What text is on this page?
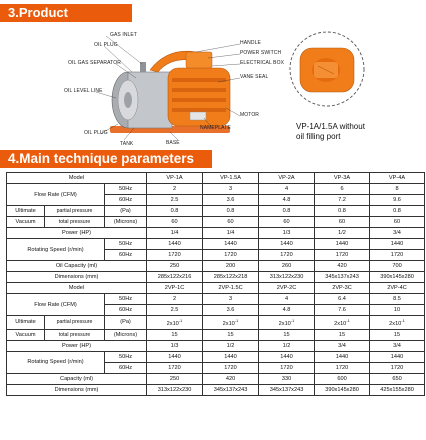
3.Product Illustration	GAS INLET
OIL PLUG
OIL GAS SEPARATOR
OIL LEVEL LINE
OIL PLUG
TANK
HANDLE
POWER SWITCH
ELECTRICAL BOX
VANE SEAL
MOTOR
NAMEPLATE
BASE
VP-1A/1.5A without
oil filling port
4.Main technique parameters
Model			VP-1A	VP-1.5A	VP-2A	VP-3A	VP-4A
Flow Rate (CFM)		50Hz	2	3	4	6	8
		60Hz	2.5	3.6	4.8	7.2	9.6
Ultimate	partial pressure	(Pa)	0.8	0.8	0.8	0.8	0.8
Vacuum	total pressure	(Microns)	60	60	60	60	60
Power (HP)			1/4	1/4	1/3	1/2	3/4
Rotating Speed (r/min)		50Hz	1440	1440	1440	1440	1440
		60Hz	1720	1720	1720	1720	1720
Oil Capacity (ml)			250	200	260	420	700
Dimensions (mm)			285x122x216	285x122x218	313x122x230	345x137x243	390x145x280
Model			2VP-1C	2VP-1.5C	2VP-2C	2VP-3C	2VP-4C
Flow Rate (CFM)		50Hz	2	3	4	6.4	8.5
		60Hz	2.5	3.6	4.8	7.6	10
Ultimate	partial pressure	(Pa)	$2x10^{-1}$	$2x10^{-1}$	$2x10^{-1}$	$2x10^{-1}$	$2x10^{-1}$
Vacuum	total pressure	(Microns)	15	15	15	15	15
Power (HP)			1/3	1/2	1/2	3/4	3/4
Rotating Speed (r/min)		50Hz	1440	1440	1440	1440	1440
		60Hz	1720	1720	1720	1720	1720
Capacity (ml)			250	420	330	600	650
Dimensions (mm)			313x122x230	345x137x243	345x137x243	390x145x280	425x155x280
